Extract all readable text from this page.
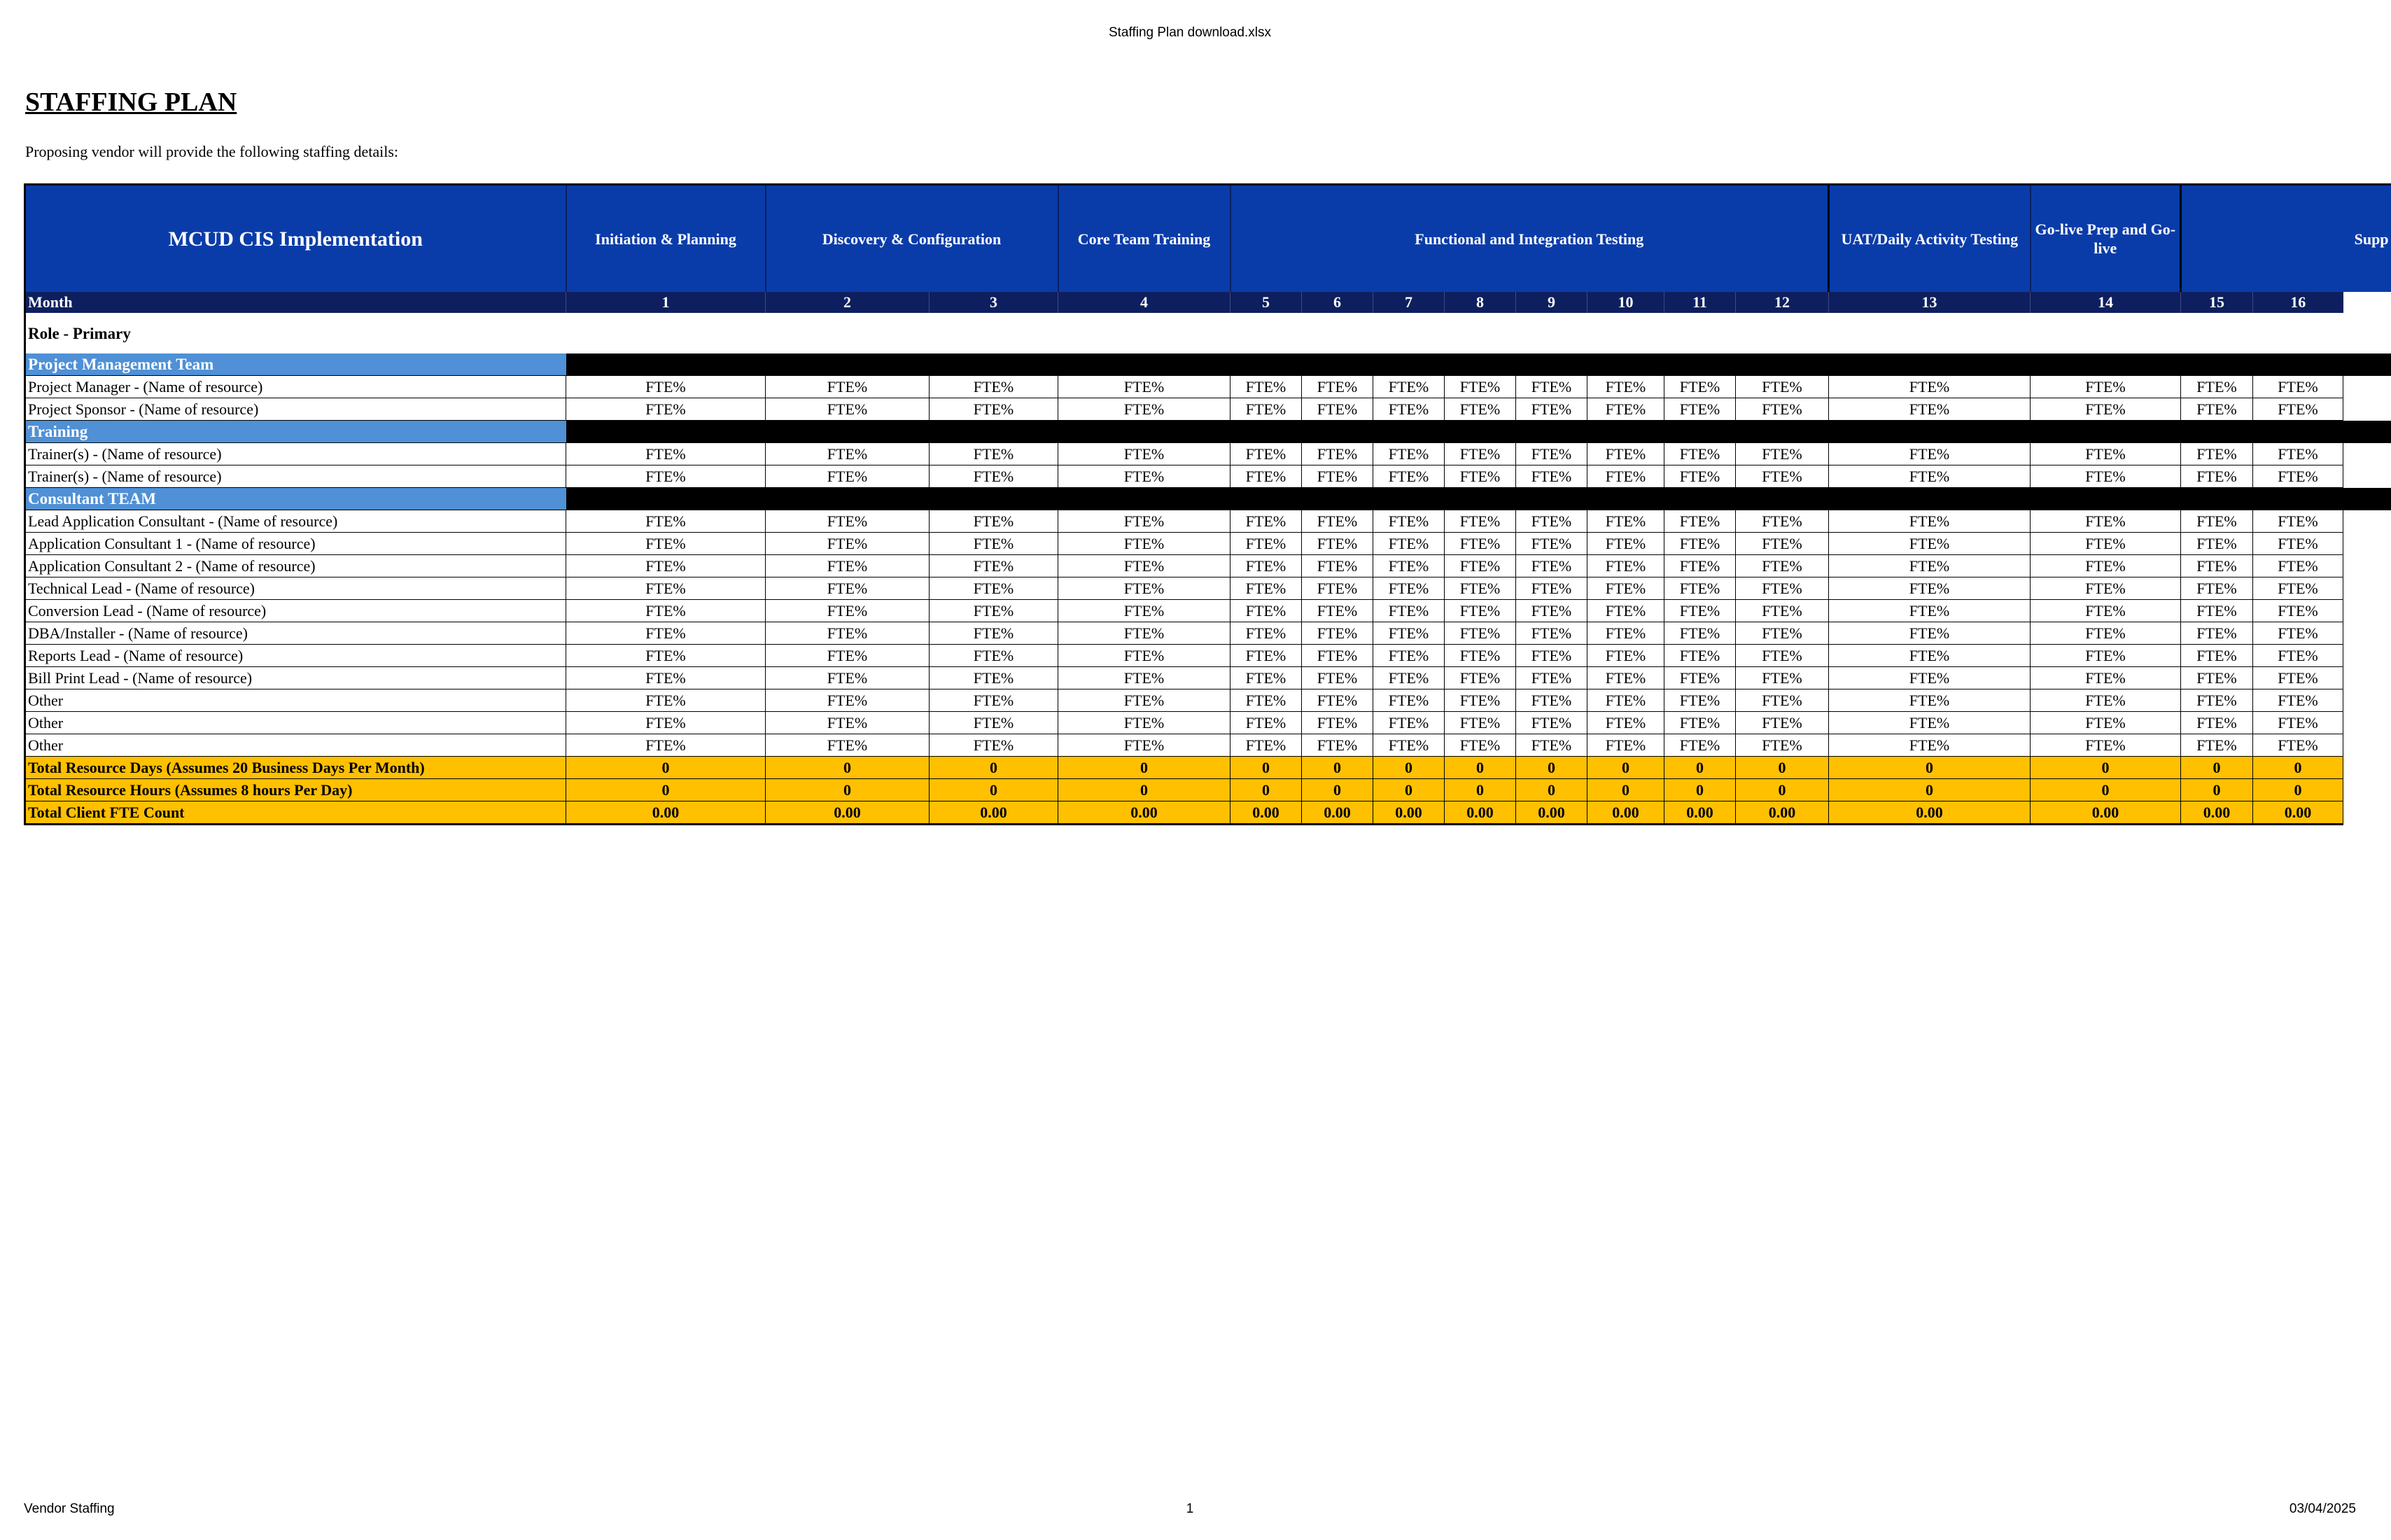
Staffing Plan download.xlsx
STAFFING PLAN
Proposing vendor will provide the following staffing details:
MCUD CIS Implementation	Initiation & Planning	Discovery & Configuration		Core Team Training	Functional and Integration Testing								UAT/Daily Activity Testing	Go-live Prep and Go-live	Supp		
Month	1	2	3	4	5	6	7	8	9	10	11	12	13	14	15	16	
Role - Primary																	
Project Management Team																	
Project Manager - (Name of resource)	FTE%	FTE%	FTE%	FTE%	FTE%	FTE%	FTE%	FTE%	FTE%	FTE%	FTE%	FTE%	FTE%	FTE%	FTE%	FTE%	
Project Sponsor - (Name of resource)	FTE%	FTE%	FTE%	FTE%	FTE%	FTE%	FTE%	FTE%	FTE%	FTE%	FTE%	FTE%	FTE%	FTE%	FTE%	FTE%	
Training																	
Trainer(s) - (Name of resource)	FTE%	FTE%	FTE%	FTE%	FTE%	FTE%	FTE%	FTE%	FTE%	FTE%	FTE%	FTE%	FTE%	FTE%	FTE%	FTE%	
Trainer(s) - (Name of resource)	FTE%	FTE%	FTE%	FTE%	FTE%	FTE%	FTE%	FTE%	FTE%	FTE%	FTE%	FTE%	FTE%	FTE%	FTE%	FTE%	
Consultant TEAM																	
Lead Application Consultant - (Name of resource)	FTE%	FTE%	FTE%	FTE%	FTE%	FTE%	FTE%	FTE%	FTE%	FTE%	FTE%	FTE%	FTE%	FTE%	FTE%	FTE%	
Application Consultant 1 - (Name of resource)	FTE%	FTE%	FTE%	FTE%	FTE%	FTE%	FTE%	FTE%	FTE%	FTE%	FTE%	FTE%	FTE%	FTE%	FTE%	FTE%	
Application Consultant 2 - (Name of resource)	FTE%	FTE%	FTE%	FTE%	FTE%	FTE%	FTE%	FTE%	FTE%	FTE%	FTE%	FTE%	FTE%	FTE%	FTE%	FTE%	
Technical Lead - (Name of resource)	FTE%	FTE%	FTE%	FTE%	FTE%	FTE%	FTE%	FTE%	FTE%	FTE%	FTE%	FTE%	FTE%	FTE%	FTE%	FTE%	
Conversion Lead - (Name of resource)	FTE%	FTE%	FTE%	FTE%	FTE%	FTE%	FTE%	FTE%	FTE%	FTE%	FTE%	FTE%	FTE%	FTE%	FTE%	FTE%	
DBA/Installer - (Name of resource)	FTE%	FTE%	FTE%	FTE%	FTE%	FTE%	FTE%	FTE%	FTE%	FTE%	FTE%	FTE%	FTE%	FTE%	FTE%	FTE%	
Reports Lead - (Name of resource)	FTE%	FTE%	FTE%	FTE%	FTE%	FTE%	FTE%	FTE%	FTE%	FTE%	FTE%	FTE%	FTE%	FTE%	FTE%	FTE%	
Bill Print Lead - (Name of resource)	FTE%	FTE%	FTE%	FTE%	FTE%	FTE%	FTE%	FTE%	FTE%	FTE%	FTE%	FTE%	FTE%	FTE%	FTE%	FTE%	
Other	FTE%	FTE%	FTE%	FTE%	FTE%	FTE%	FTE%	FTE%	FTE%	FTE%	FTE%	FTE%	FTE%	FTE%	FTE%	FTE%	
Other	FTE%	FTE%	FTE%	FTE%	FTE%	FTE%	FTE%	FTE%	FTE%	FTE%	FTE%	FTE%	FTE%	FTE%	FTE%	FTE%	
Other	FTE%	FTE%	FTE%	FTE%	FTE%	FTE%	FTE%	FTE%	FTE%	FTE%	FTE%	FTE%	FTE%	FTE%	FTE%	FTE%	
Total Resource Days (Assumes 20 Business Days Per Month)	0	0	0	0	0	0	0	0	0	0	0	0	0	0	0	0	
Total Resource Hours (Assumes 8 hours Per Day)	0	0	0	0	0	0	0	0	0	0	0	0	0	0	0	0	
Total Client FTE Count	0.00	0.00	0.00	0.00	0.00	0.00	0.00	0.00	0.00	0.00	0.00	0.00	0.00	0.00	0.00	0.00	
Vendor Staffing	1	03/04/2025
